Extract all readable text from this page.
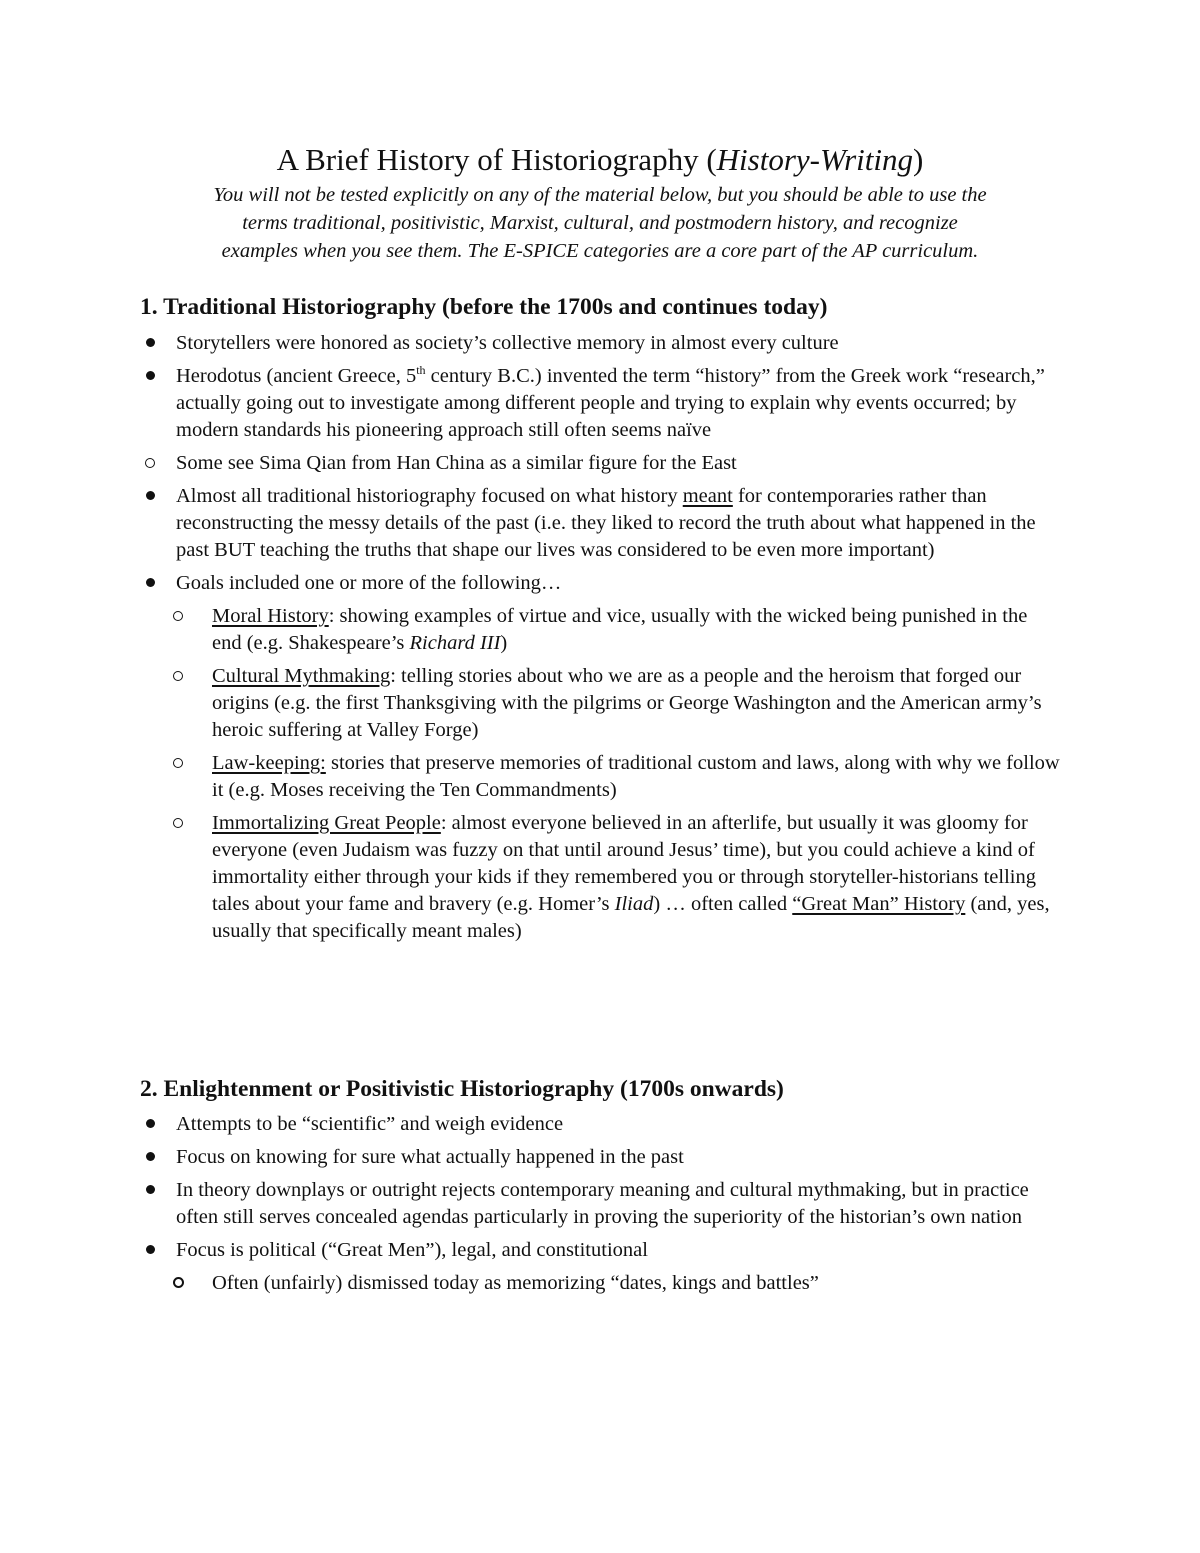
A Brief History of Historiography (History-Writing)

You will not be tested explicitly on any of the material below, but you should be able to use the

terms traditional, positivistic, Marxist, cultural, and postmodern history, and recognize

examples when you see them. The E-SPICE categories are a core part of the AP curriculum.

1. Traditional Historiography (before the 1700s and continues today)
Storytellers were honored as society’s collective memory in almost every culture
Herodotus (ancient Greece, 5th century B.C.) invented the term “history” from the Greek work “research,” actually going out to investigate among different people and trying to explain why events occurred; by modern standards his pioneering approach still often seems naïve
Some see Sima Qian from Han China as a similar figure for the East
Almost all traditional historiography focused on what history meant for contemporaries rather than reconstructing the messy details of the past (i.e. they liked to record the truth about what happened in the past BUT teaching the truths that shape our lives was considered to be even more important)
Goals included one or more of the following…
Moral History: showing examples of virtue and vice, usually with the wicked being punished in the end (e.g. Shakespeare’s Richard III)
Cultural Mythmaking: telling stories about who we are as a people and the heroism that forged our origins (e.g. the first Thanksgiving with the pilgrims or George Washington and the American army’s heroic suffering at Valley Forge)
Law-keeping: stories that preserve memories of traditional custom and laws, along with why we follow it (e.g. Moses receiving the Ten Commandments)
Immortalizing Great People: almost everyone believed in an afterlife, but usually it was gloomy for everyone (even Judaism was fuzzy on that until around Jesus’ time), but you could achieve a kind of immortality either through your kids if they remembered you or through storyteller-historians telling tales about your fame and bravery (e.g. Homer’s Iliad) … often called “Great Man” History (and, yes, usually that specifically meant males)
2. Enlightenment or Positivistic Historiography (1700s onwards)
Attempts to be “scientific” and weigh evidence
Focus on knowing for sure what actually happened in the past
In theory downplays or outright rejects contemporary meaning and cultural mythmaking, but in practice often still serves concealed agendas particularly in proving the superiority of the historian’s own nation
Focus is political (“Great Men”), legal, and constitutional
Often (unfairly) dismissed today as memorizing “dates, kings and battles”
